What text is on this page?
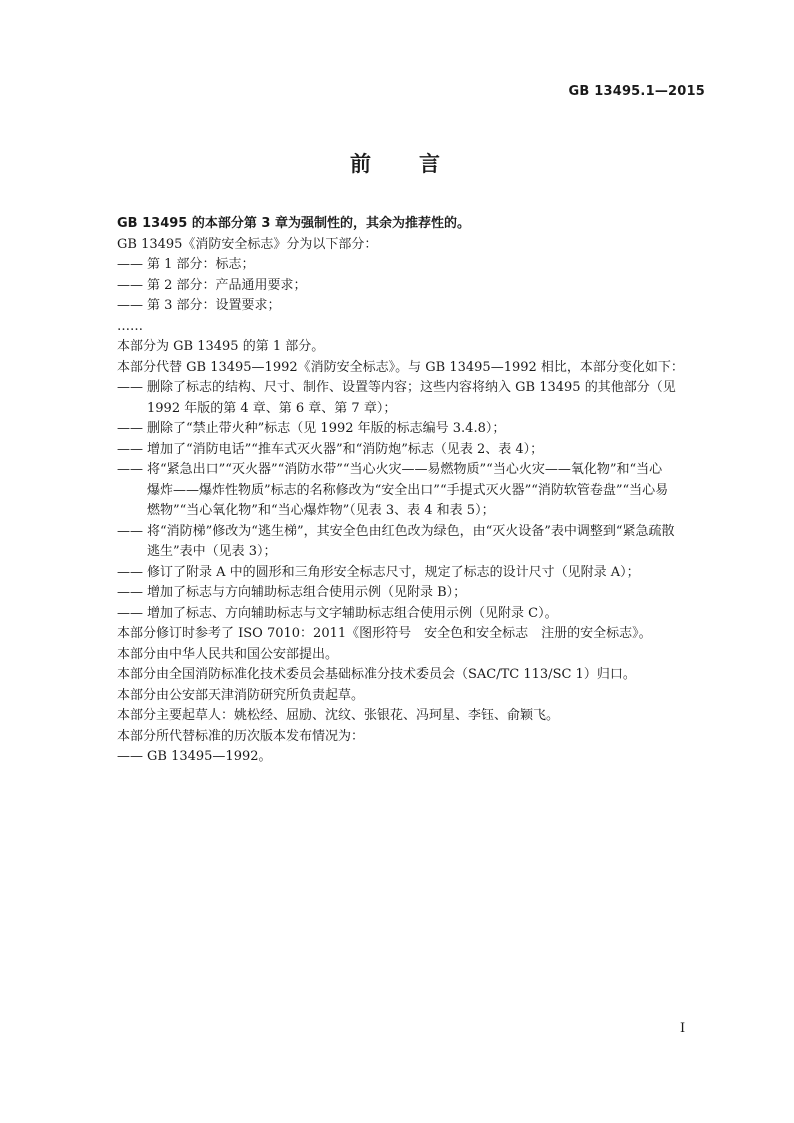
GB 13495.1—2015
前 言
GB 13495 的本部分第 3 章为强制性的，其余为推荐性的。
GB 13495《消防安全标志》分为以下部分：
—— 第 1 部分：标志；
—— 第 2 部分：产品通用要求；
—— 第 3 部分：设置要求；
……
本部分为 GB 13495 的第 1 部分。
本部分代替 GB 13495—1992《消防安全标志》。与 GB 13495—1992 相比，本部分变化如下：
—— 删除了标志的结构、尺寸、制作、设置等内容；这些内容将纳入 GB 13495 的其他部分（见
1992 年版的第 4 章、第 6 章、第 7 章）；
—— 删除了“禁止带火种”标志（见 1992 年版的标志编号 3.4.8）；
—— 增加了“消防电话”“推车式灭火器”和“消防炮”标志（见表 2、表 4）；
—— 将“紧急出口”“灭火器”“消防水带”“当心火灾——易燃物质”“当心火灾——氧化物”和“当心
爆炸——爆炸性物质”标志的名称修改为“安全出口”“手提式灭火器”“消防软管卷盘”“当心易
燃物”“当心氧化物”和“当心爆炸物”（见表 3、表 4 和表 5）；
—— 将“消防梯”修改为“逃生梯”，其安全色由红色改为绿色，由“灭火设备”表中调整到“紧急疏散
逃生”表中（见表 3）；
—— 修订了附录 A 中的圆形和三角形安全标志尺寸，规定了标志的设计尺寸（见附录 A）；
—— 增加了标志与方向辅助标志组合使用示例（见附录 B）；
—— 增加了标志、方向辅助标志与文字辅助标志组合使用示例（见附录 C）。
本部分修订时参考了 ISO 7010：2011《图形符号　安全色和安全标志　注册的安全标志》。
本部分由中华人民共和国公安部提出。
本部分由全国消防标准化技术委员会基础标准分技术委员会（SAC/TC 113/SC 1）归口。
本部分由公安部天津消防研究所负责起草。
本部分主要起草人：姚松经、屈励、沈纹、张银花、冯珂星、李钰、俞颖飞。
本部分所代替标准的历次版本发布情况为：
—— GB 13495—1992。
I
